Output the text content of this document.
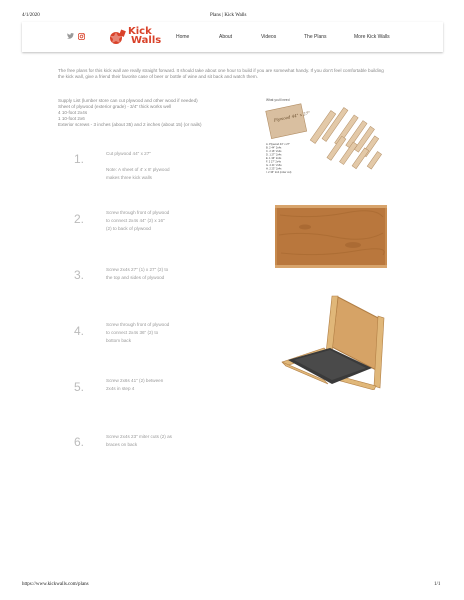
4/1/2020	Plans | Kick Walls
Kick
Walls	Home	About	Videos	The Plans	More Kick Walls
The free plans for this kick wall are really straight forward. It should take about one hour to build if you are somewhat handy. If you don't feel comfortable building the kick wall, give a friend their favorite case of beer or bottle of wine and sit back and watch them.
Supply List (lumber store can cut plywood and other wood if needed)
Sheet of plywood (exterior grade) - 3/4" thick works well
4 10-foot 2x4s
1 10-foot 2x6
Exterior screws - 3 inches (about 35) and 2 inches (about 15) (or nails)
What you'll need
Plywood 44" x 27"
A. Plywood 44" x 27"
B. 2 44" 2x4s
C. 2 16" 2x4s
D. 1 27" 2x4s
E. 1 36" 2x4s
F. 2 27" 2x4s
G. 2 41" 2x6s
H. 2 23" 2x4s
I. 2 36" 2x4 (miter cut)
1.	Cut plywood 44" x 27"
Note: A sheet of 4' x 8' plywood
makes three kick walls
2.	Screw through front of plywood
to connect 2x4s 44" (2) x 16"
(2) to back of plywood
3.	Screw 2x4s 27" (1) x 27" (2) to
the top and sides of plywood
4.	Screw through front of plywood
to connect 2x4s 36" (2) to
bottom back
5.	Screw 2x6s 41" (2) between
2x4s in step 4
6.	Screw 2x4s 23" miter cuts (2) as
braces on back
https://www.kickwalls.com/plans	1/1
